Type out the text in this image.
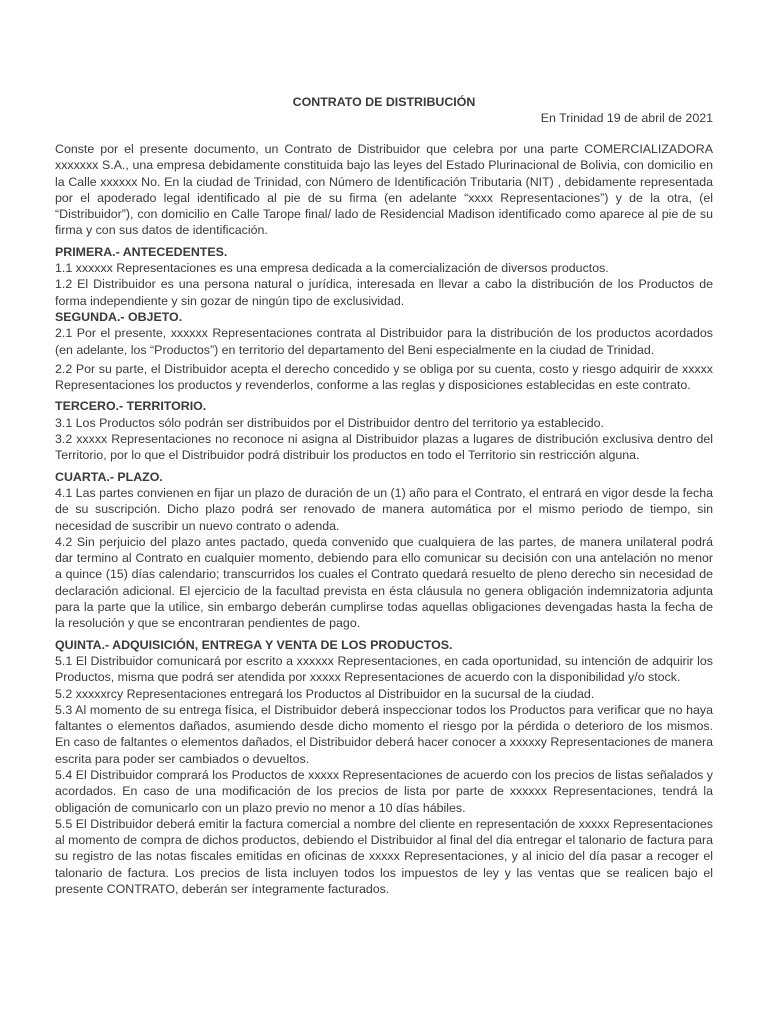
CONTRATO DE DISTRIBUCIÓN
En Trinidad 19 de abril de 2021

Conste por el presente documento, un Contrato de Distribuidor que celebra por una parte COMERCIALIZADORA xxxxxxx S.A., una empresa debidamente constituida bajo las leyes del Estado Plurinacional de Bolivia, con domicilio en la Calle xxxxxx No. En la ciudad de Trinidad, con Número de Identificación Tributaria (NIT) , debidamente representada por el apoderado legal identificado al pie de su firma (en adelante “xxxx Representaciones”) y de la otra, (el “Distribuidor”), con domicilio en Calle Tarope final/ lado de Residencial Madison identificado como aparece al pie de su firma y con sus datos de identificación.

PRIMERA.- ANTECEDENTES.

1.1 xxxxxx Representaciones es una empresa dedicada a la comercialización de diversos productos.

1.2 El Distribuidor es una persona natural o jurídica, interesada en llevar a cabo la distribución de los Productos de forma independiente y sin gozar de ningún tipo de exclusividad.

SEGUNDA.- OBJETO.

2.1 Por el presente, xxxxxx Representaciones contrata al Distribuidor para la distribución de los productos acordados (en adelante, los “Productos”) en territorio del departamento del Beni especialmente en la ciudad de Trinidad.

2.2 Por su parte, el Distribuidor acepta el derecho concedido y se obliga por su cuenta, costo y riesgo adquirir de xxxxx Representaciones los productos y revenderlos, conforme a las reglas y disposiciones establecidas en este contrato.

TERCERO.- TERRITORIO.

3.1 Los Productos sólo podrán ser distribuidos por el Distribuidor dentro del territorio ya establecido.

3.2 xxxxx Representaciones no reconoce ni asigna al Distribuidor plazas a lugares de distribución exclusiva dentro del Territorio, por lo que el Distribuidor podrá distribuir los productos en todo el Territorio sin restricción alguna.

CUARTA.- PLAZO.

4.1 Las partes convienen en fijar un plazo de duración de un (1) año para el Contrato, el entrará en vigor desde la fecha de su suscripción. Dicho plazo podrá ser renovado de manera automática por el mismo periodo de tiempo, sin necesidad de suscribir un nuevo contrato o adenda.

4.2 Sin perjuicio del plazo antes pactado, queda convenido que cualquiera de las partes, de manera unilateral podrá dar termino al Contrato en cualquier momento, debiendo para ello comunicar su decisión con una antelación no menor a quince (15) días calendario; transcurridos los cuales el Contrato quedará resuelto de pleno derecho sin necesidad de declaración adicional. El ejercicio de la facultad prevista en ésta cláusula no genera obligación indemnizatoria adjunta para la parte que la utilice, sin embargo deberán cumplirse todas aquellas obligaciones devengadas hasta la fecha de la resolución y que se encontraran pendientes de pago.

QUINTA.- ADQUISICIÓN, ENTREGA Y VENTA DE LOS PRODUCTOS.

5.1 El Distribuidor comunicará por escrito a xxxxxx Representaciones, en cada oportunidad, su intención de adquirir los Productos, misma que podrá ser atendida por xxxxx Representaciones de acuerdo con la disponibilidad y/o stock.

5.2 xxxxxrcy Representaciones entregará los Productos al Distribuidor en la sucursal de la ciudad.

5.3 Al momento de su entrega física, el Distribuidor deberá inspeccionar todos los Productos para verificar que no haya faltantes o elementos dañados, asumiendo desde dicho momento el riesgo por la pérdida o deterioro de los mismos. En caso de faltantes o elementos dañados, el Distribuidor deberá hacer conocer a xxxxxy Representaciones de manera escrita para poder ser cambiados o devueltos.

5.4 El Distribuidor comprará los Productos de xxxxx Representaciones de acuerdo con los precios de listas señalados y acordados. En caso de una modificación de los precios de lista por parte de xxxxxx Representaciones, tendrá la obligación de comunicarlo con un plazo previo no menor a 10 días hábiles.

5.5 El Distribuidor deberá emitir la factura comercial a nombre del cliente en representación de xxxxx Representaciones al momento de compra de dichos productos, debiendo el Distribuidor al final del dia entregar el talonario de factura para su registro de las notas fiscales emitidas en oficinas de xxxxx Representaciones, y al inicio del día pasar a recoger el talonario de factura. Los precios de lista incluyen todos los impuestos de ley y las ventas que se realicen bajo el presente CONTRATO, deberán ser íntegramente facturados.
